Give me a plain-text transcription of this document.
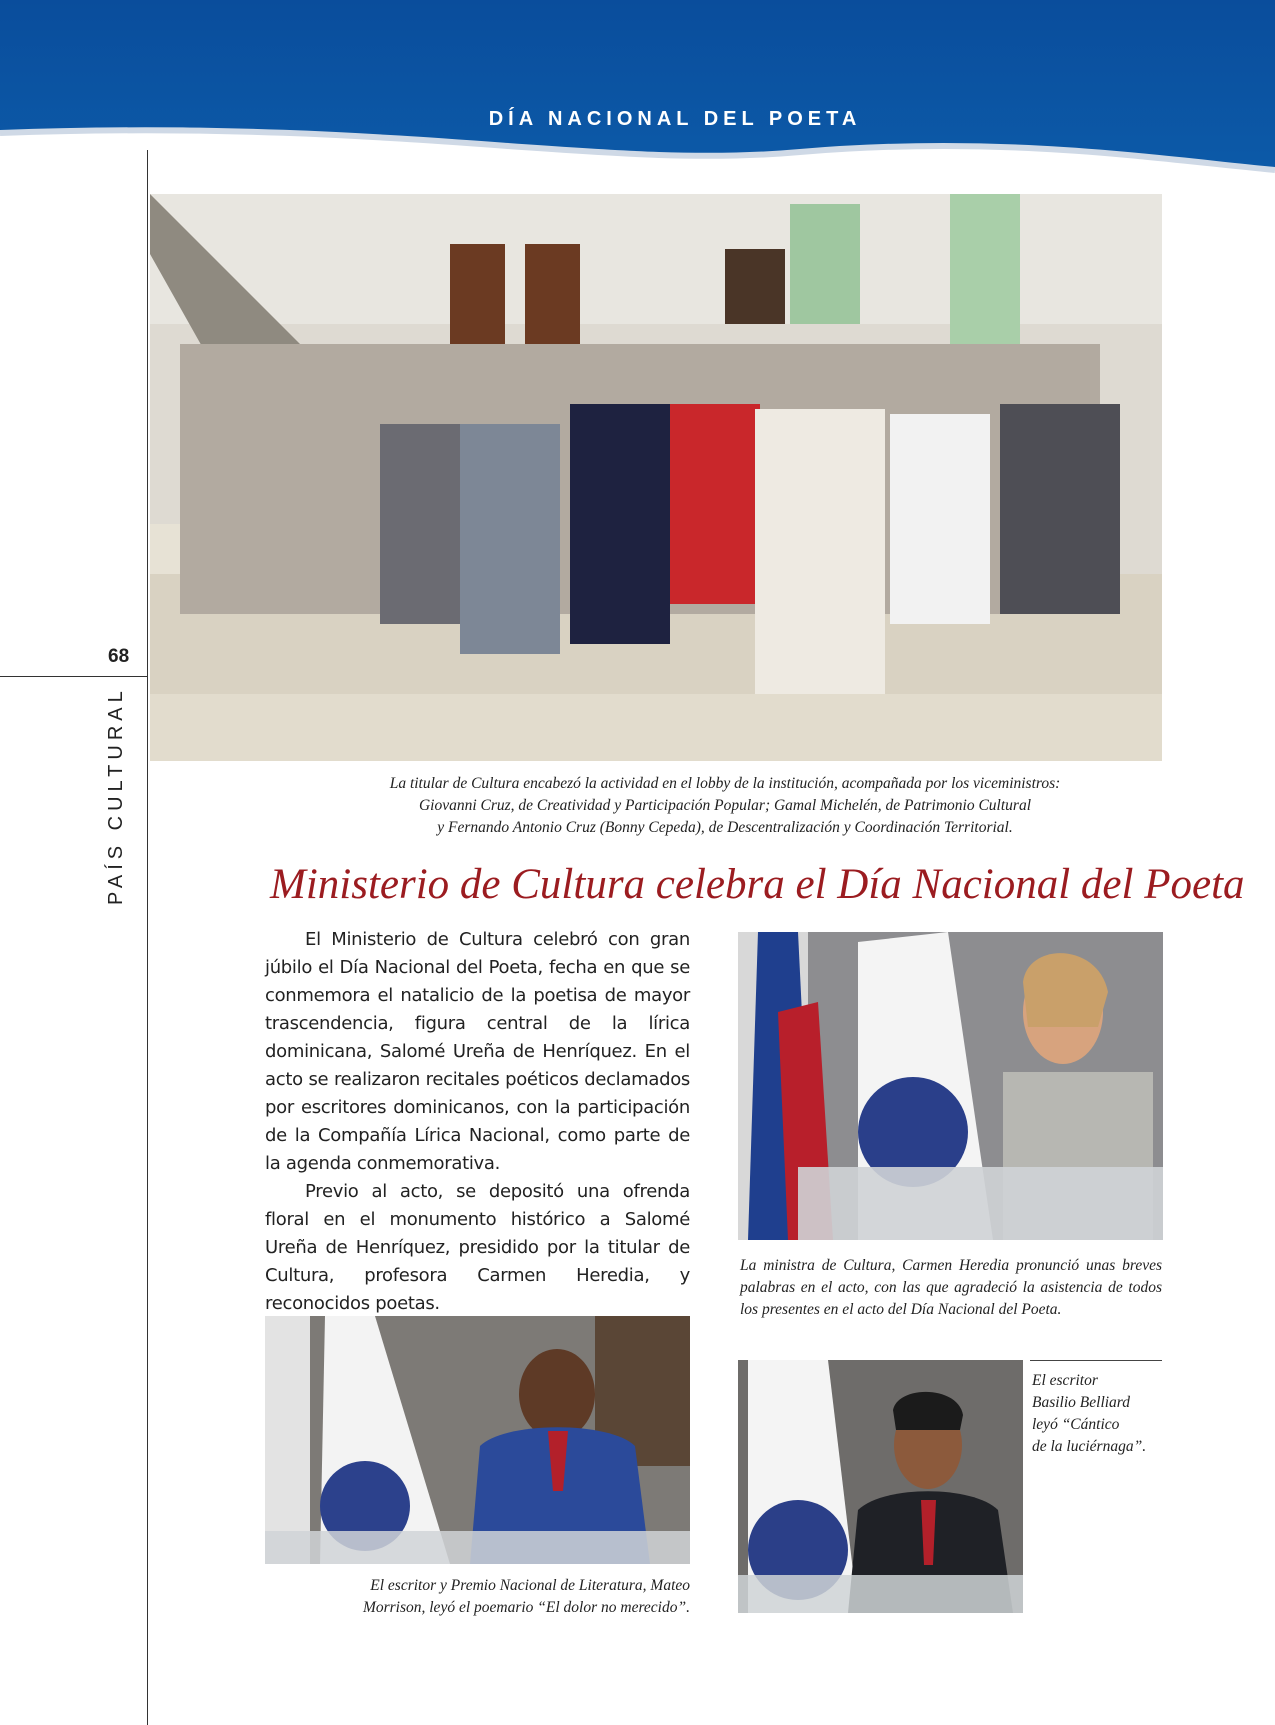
DÍA NACIONAL DEL POETA
68
PAÍS CULTURAL	La titular de Cultura encabezó la actividad en el lobby de la institución, acompañada por los viceministros:
Giovanni Cruz, de Creatividad y Participación Popular; Gamal Michelén, de Patrimonio Cultural
y Fernando Antonio Cruz (Bonny Cepeda), de Descentralización y Coordinación Territorial.
Ministerio de Cultura celebra el Día Nacional del Poeta

El Ministerio de Cultura celebró con gran júbilo el Día Nacional del Poeta, fecha en que se conmemora el natalicio de la poetisa de mayor trascendencia, figura central de la lírica dominicana, Salomé Ureña de Henríquez. En el acto se realizaron recitales poéticos declamados por escritores dominicanos, con la participación de la Compañía Lírica Nacional, como parte de la agenda conmemorativa.

Previo al acto, se depositó una ofrenda floral en el monumento histórico a Salomé Ureña de Henríquez, presidido por la titular de Cultura, profesora Carmen Heredia, y reconocidos poetas.

La ministra de Cultura, Carmen Heredia pronunció unas breves palabras en el acto, con las que agradeció la asistencia de todos los presentes en el acto del Día Nacional del Poeta.
El escritor y Premio Nacional de Literatura, Mateo
Morrison, leyó el poemario “El dolor no merecido”.
El escritor
Basilio Belliard
leyó “Cántico
de la luciérnaga”.
